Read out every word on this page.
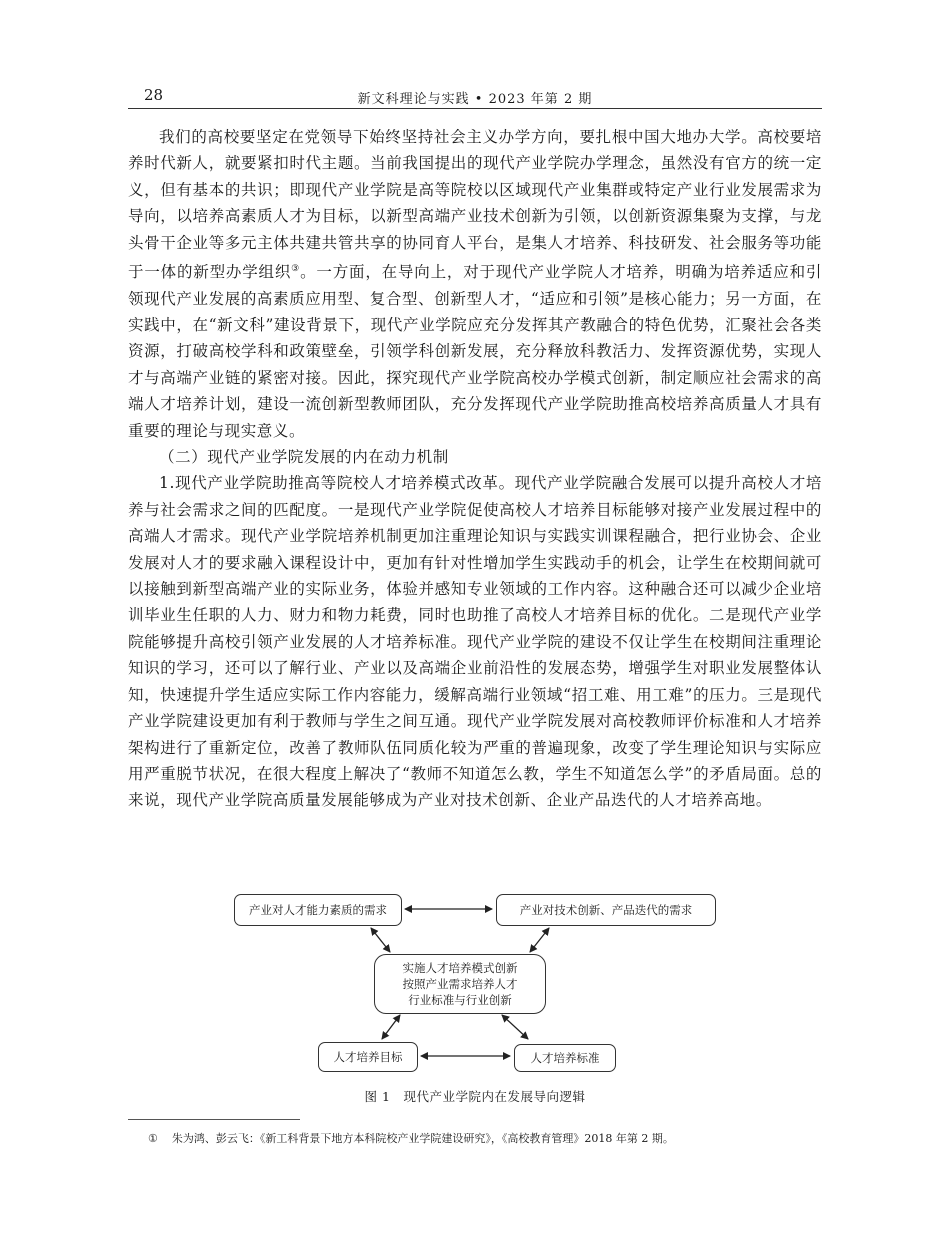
28	新文科理论与实践 • 2023 年第 2 期

我们的高校要坚定在党领导下始终坚持社会主义办学方向，要扎根中国大地办大学。高校要培养时代新人，就要紧扣时代主题。当前我国提出的现代产业学院办学理念，虽然没有官方的统一定义，但有基本的共识；即现代产业学院是高等院校以区域现代产业集群或特定产业行业发展需求为导向，以培养高素质人才为目标，以新型高端产业技术创新为引领，以创新资源集聚为支撑，与龙头骨干企业等多元主体共建共管共享的协同育人平台，是集人才培养、科技研发、社会服务等功能于一体的新型办学组织③。一方面，在导向上，对于现代产业学院人才培养，明确为培养适应和引领现代产业发展的高素质应用型、复合型、创新型人才，“适应和引领”是核心能力；另一方面，在实践中，在“新文科”建设背景下，现代产业学院应充分发挥其产教融合的特色优势，汇聚社会各类资源，打破高校学科和政策壁垒，引领学科创新发展，充分释放科教活力、发挥资源优势，实现人才与高端产业链的紧密对接。因此，探究现代产业学院高校办学模式创新，制定顺应社会需求的高端人才培养计划，建设一流创新型教师团队，充分发挥现代产业学院助推高校培养高质量人才具有重要的理论与现实意义。

（二）现代产业学院发展的内在动力机制

1.现代产业学院助推高等院校人才培养模式改革。现代产业学院融合发展可以提升高校人才培养与社会需求之间的匹配度。一是现代产业学院促使高校人才培养目标能够对接产业发展过程中的高端人才需求。现代产业学院培养机制更加注重理论知识与实践实训课程融合，把行业协会、企业发展对人才的要求融入课程设计中，更加有针对性增加学生实践动手的机会，让学生在校期间就可以接触到新型高端产业的实际业务，体验并感知专业领域的工作内容。这种融合还可以减少企业培训毕业生任职的人力、财力和物力耗费，同时也助推了高校人才培养目标的优化。二是现代产业学院能够提升高校引领产业发展的人才培养标准。现代产业学院的建设不仅让学生在校期间注重理论知识的学习，还可以了解行业、产业以及高端企业前沿性的发展态势，增强学生对职业发展整体认知，快速提升学生适应实际工作内容能力，缓解高端行业领域“招工难、用工难”的压力。三是现代产业学院建设更加有利于教师与学生之间互通。现代产业学院发展对高校教师评价标准和人才培养架构进行了重新定位，改善了教师队伍同质化较为严重的普遍现象，改变了学生理论知识与实际应用严重脱节状况，在很大程度上解决了“教师不知道怎么教，学生不知道怎么学”的矛盾局面。总的来说，现代产业学院高质量发展能够成为产业对技术创新、企业产品迭代的人才培养高地。

产业对人才能力素质的需求	产业对技术创新、产品迭代的需求
实施人才培养模式创新
按照产业需求培养人才
行业标准与行业创新
人才培养目标	人才培养标准
图 1　现代产业学院内在发展导向逻辑
① 朱为鸿、彭云飞：《新工科背景下地方本科院校产业学院建设研究》，《高校教育管理》2018 年第 2 期。
